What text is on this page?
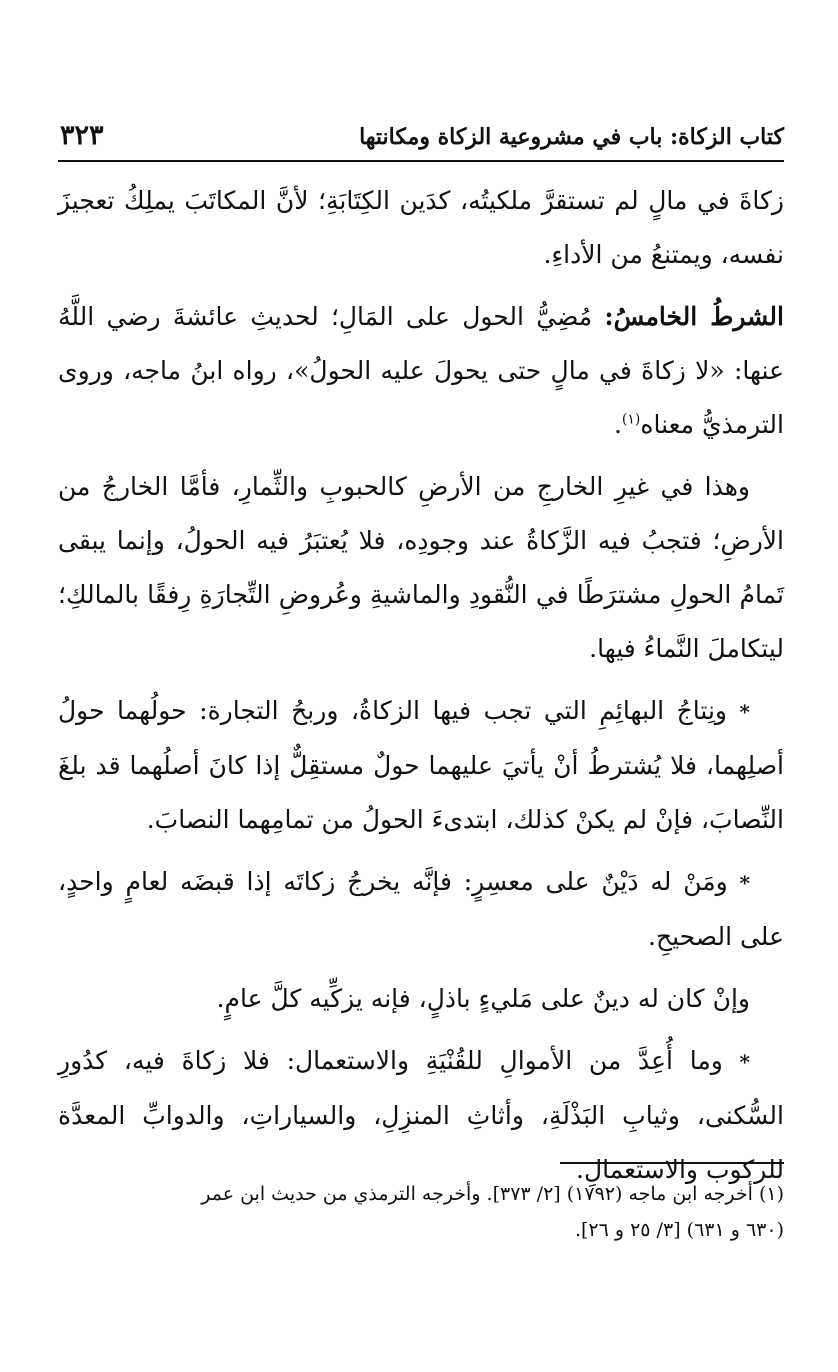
كتاب الزكاة: باب في مشروعية الزكاة ومكانتها
٣٢٣

زكاةَ في مالٍ لم تستقرَّ ملكيتُه، كدَين الكِتَابَةِ؛ لأنَّ المكاتَبَ يملِكُ تعجيزَ نفسه، ويمتنعُ من الأداءِ.

الشرطُ الخامسُ: مُضِيُّ الحول على المَالِ؛ لحديثِ عائشةَ رضي اللَّهُ عنها: «لا زكاةَ في مالٍ حتى يحولَ عليه الحولُ»، رواه ابنُ ماجه، وروى الترمذيُّ معناه$^{(١)}$.

وهذا في غيرِ الخارجِ من الأرضِ كالحبوبِ والثِّمارِ، فأمَّا الخارجُ من الأرضِ؛ فتجبُ فيه الزَّكاةُ عند وجودِه، فلا يُعتبَرُ فيه الحولُ، وإنما يبقى تَمامُ الحولِ مشترَطًا في النُّقودِ والماشيةِ وعُروضِ التِّجارَةِ رِفقًا بالمالكِ؛ ليتكاملَ النَّماءُ فيها.

* ونِتاجُ البهائِمِ التي تجب فيها الزكاةُ، وربحُ التجارة: حولُهما حولُ أصلِهما، فلا يُشترطُ أنْ يأتيَ عليهما حولٌ مستقِلٌّ إذا كانَ أصلُهما قد بلغَ النِّصابَ، فإنْ لم يكنْ كذلك، ابتدىءَ الحولُ من تمامِهما النصابَ.

* ومَنْ له دَيْنٌ على معسِرٍ: فإنَّه يخرجُ زكاتَه إذا قبضَه لعامٍ واحدٍ، على الصحيحِ.

وإنْ كان له دينٌ على مَليءٍ باذلٍ، فإنه يزكِّيه كلَّ عامٍ.

* وما أُعِدَّ من الأموالِ للقُنْيَةِ والاستعمال: فلا زكاةَ فيه، كدُورِ السُّكنى، وثيابِ البَذْلَةِ، وأثاثِ المنزِلِ، والسياراتِ، والدوابِّ المعدَّة للركوب والاستعمالِ.

(١) أخرجه ابن ماجه (١٧٩٢) [٢/ ٣٧٣]. وأخرجه الترمذي من حديث ابن عمر

(٦٣٠ و ٦٣١) [٣/ ٢٥ و ٢٦].
